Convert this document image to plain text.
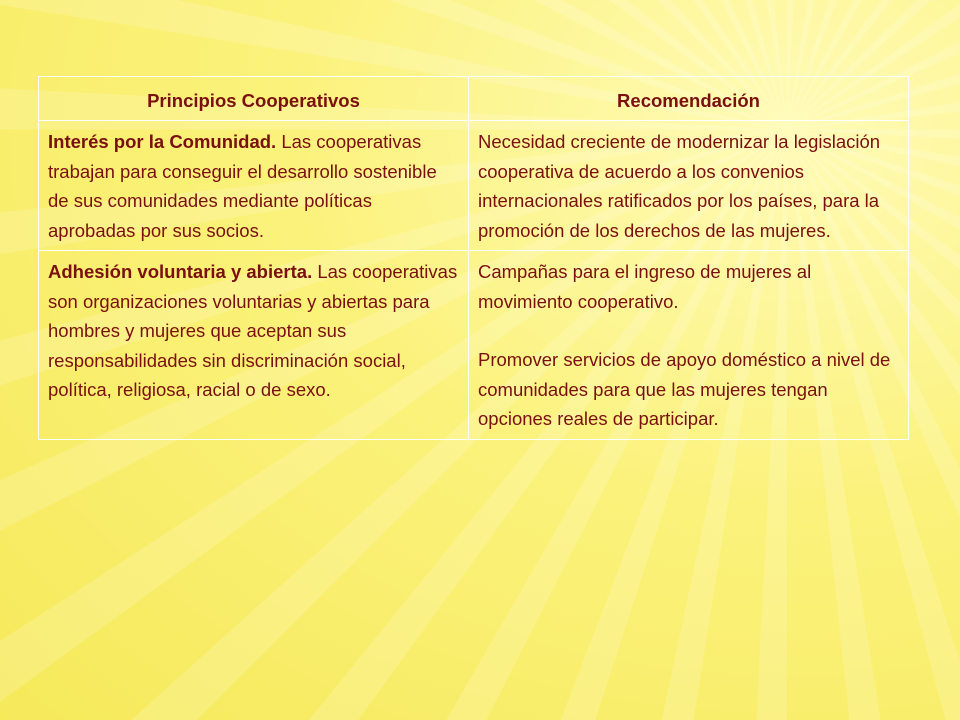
Principios Cooperativos	Recomendación
Interés por la Comunidad. Las cooperativas trabajan para conseguir el desarrollo sostenible de sus comunidades mediante políticas aprobadas por sus socios.	Necesidad creciente de modernizar la legislación cooperativa de acuerdo a los convenios internacionales ratificados por los países, para la promoción de los derechos de las mujeres.

Adhesión voluntaria y abierta. Las cooperativas son organizaciones voluntarias y abiertas para hombres y mujeres que aceptan sus responsabilidades sin discriminación social, política, religiosa, racial o de sexo.	Campañas para el ingreso de mujeres al movimiento cooperativo.
Promover servicios de apoyo doméstico a nivel de comunidades para que las mujeres tengan opciones reales de participar.
